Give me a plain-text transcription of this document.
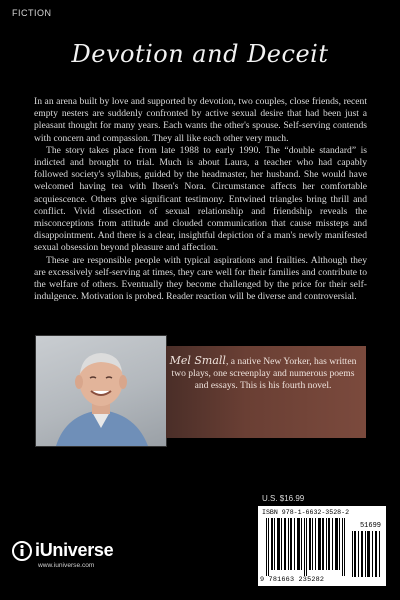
FICTION
Devotion and Deceit

In an arena built by love and supported by devotion, two couples, close friends, recent empty nesters are suddenly confronted by active sexual desire that had been just a pleasant thought for many years. Each wants the other's spouse. Self-serving contends with concern and compassion. They all like each other very much.

The story takes place from late 1988 to early 1990. The “double standard” is indicted and brought to trial. Much is about Laura, a teacher who had capably followed society's syllabus, guided by the headmaster, her husband. She would have welcomed having tea with Ibsen's Nora. Circumstance affects her comfortable acquiescence. Others give significant testimony. Entwined triangles bring thrill and conflict. Vivid dissection of sexual relationship and friendship reveals the misconceptions from attitude and clouded communication that cause missteps and disappointment. And there is a clear, insightful depiction of a man's newly manifested sexual obsession beyond pleasure and affection.

These are responsible people with typical aspirations and frailties. Although they are excessively self-serving at times, they care well for their families and contribute to the welfare of others. Eventually they become challenged by the price for their self-indulgence. Motivation is probed. Reader reaction will be diverse and controversial.

Mel Small, a native New Yorker, has written two plays, one screenplay and numerous poems and essays. This is his fourth novel.
U.S. $16.99
ISBN 978-1-6632-3528-2
51699
9 781663 235282
iUniverse
www.iuniverse.com
